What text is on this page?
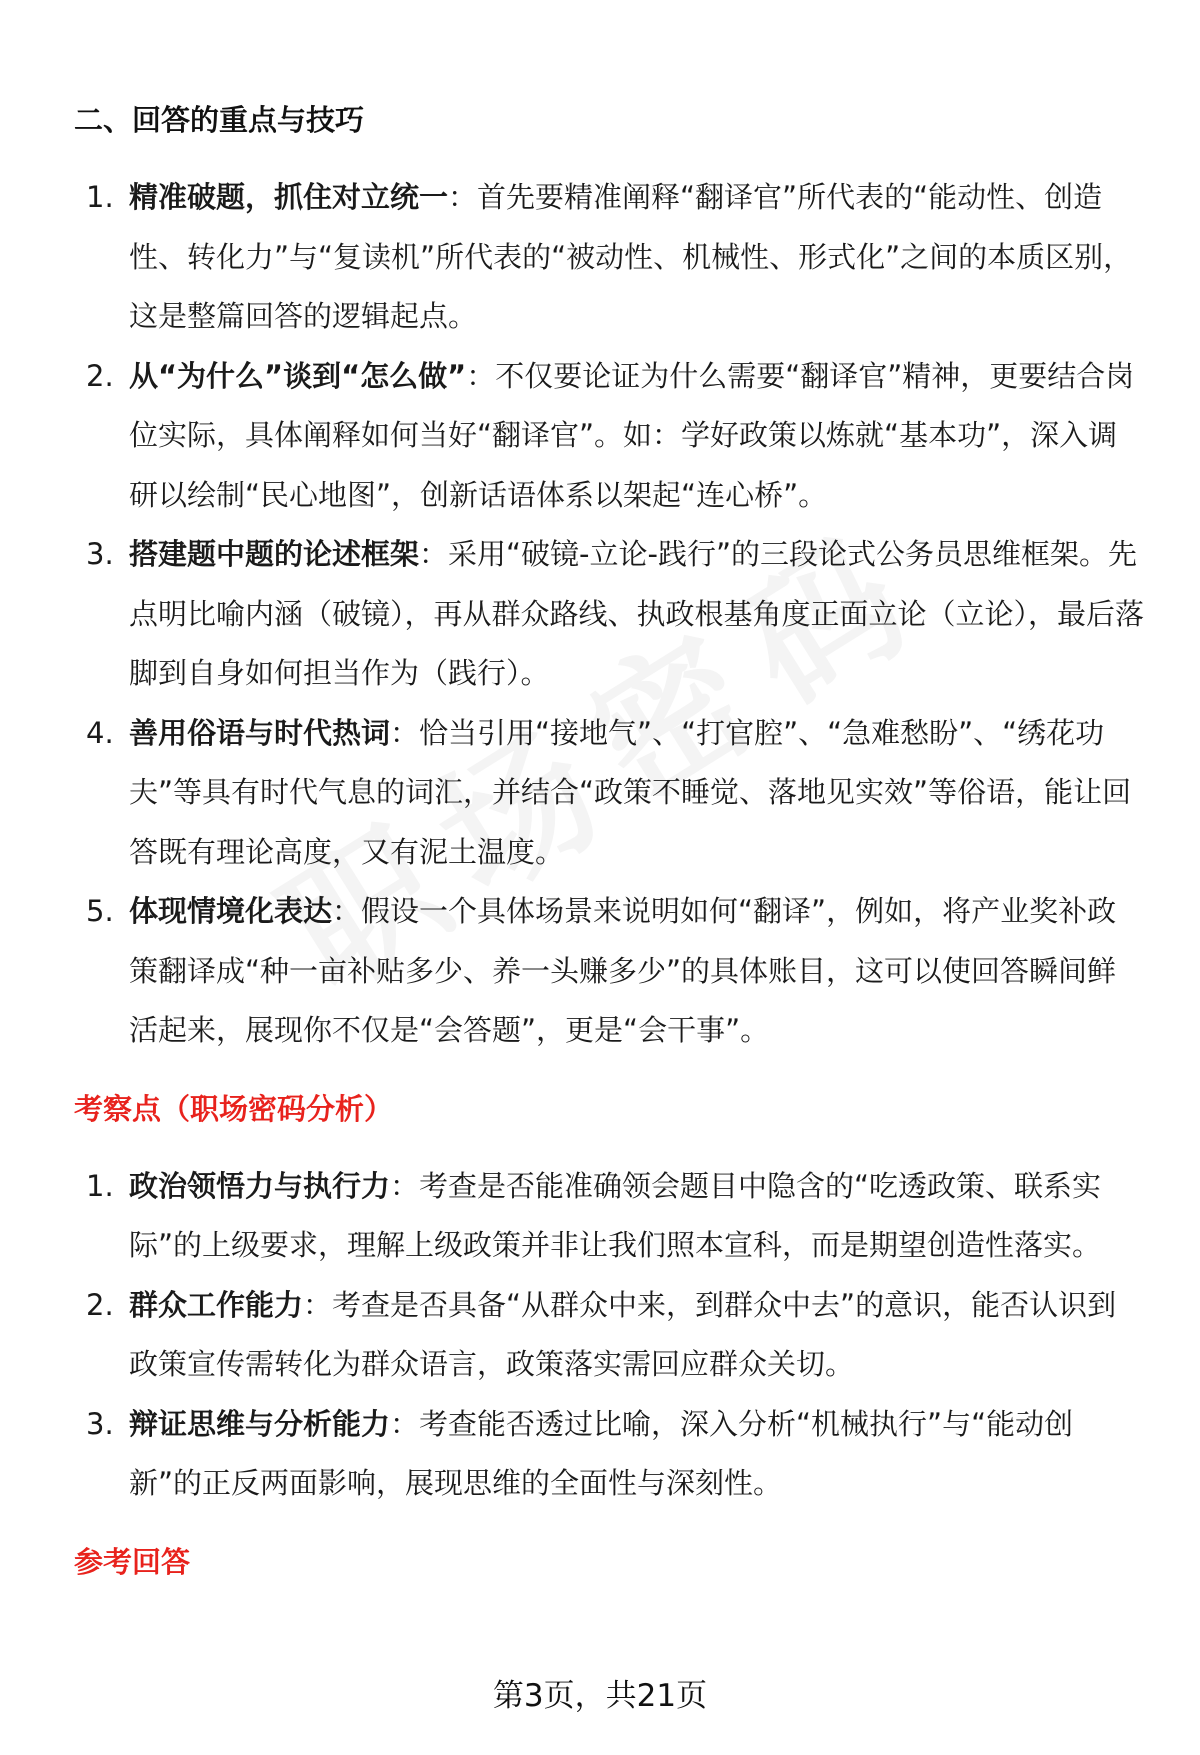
二、回答的重点与技巧
1. 精准破题，抓住对立统一：首先要精准阐释“翻译官”所代表的“能动性、创造性、转化力”与“复读机”所代表的“被动性、机械性、形式化”之间的本质区别，这是整篇回答的逻辑起点。
2. 从“为什么”谈到“怎么做”：不仅要论证为什么需要“翻译官”精神，更要结合岗位实际，具体阐释如何当好“翻译官”。如：学好政策以炼就“基本功”，深入调研以绘制“民心地图”，创新话语体系以架起“连心桥”。
3. 搭建题中题的论述框架：采用“破镜-立论-践行”的三段论式公务员思维框架。先点明比喻内涵（破镜），再从群众路线、执政根基角度正面立论（立论），最后落脚到自身如何担当作为（践行）。
4. 善用俗语与时代热词：恰当引用“接地气”、“打官腔”、“急难愁盼”、“绣花功夫”等具有时代气息的词汇，并结合“政策不睡觉、落地见实效”等俗语，能让回答既有理论高度，又有泥土温度。
5. 体现情境化表达：假设一个具体场景来说明如何“翻译”，例如，将产业奖补政策翻译成“种一亩补贴多少、养一头赚多少”的具体账目，这可以使回答瞬间鲜活起来，展现你不仅是“会答题”，更是“会干事”。
考察点（职场密码分析）
1. 政治领悟力与执行力：考查是否能准确领会题目中隐含的“吃透政策、联系实际”的上级要求，理解上级政策并非让我们照本宣科，而是期望创造性落实。
2. 群众工作能力：考查是否具备“从群众中来，到群众中去”的意识，能否认识到政策宣传需转化为群众语言，政策落实需回应群众关切。
3. 辩证思维与分析能力：考查能否透过比喻，深入分析“机械执行”与“能动创新”的正反两面影响，展现思维的全面性与深刻性。
参考回答
第3页，共21页
